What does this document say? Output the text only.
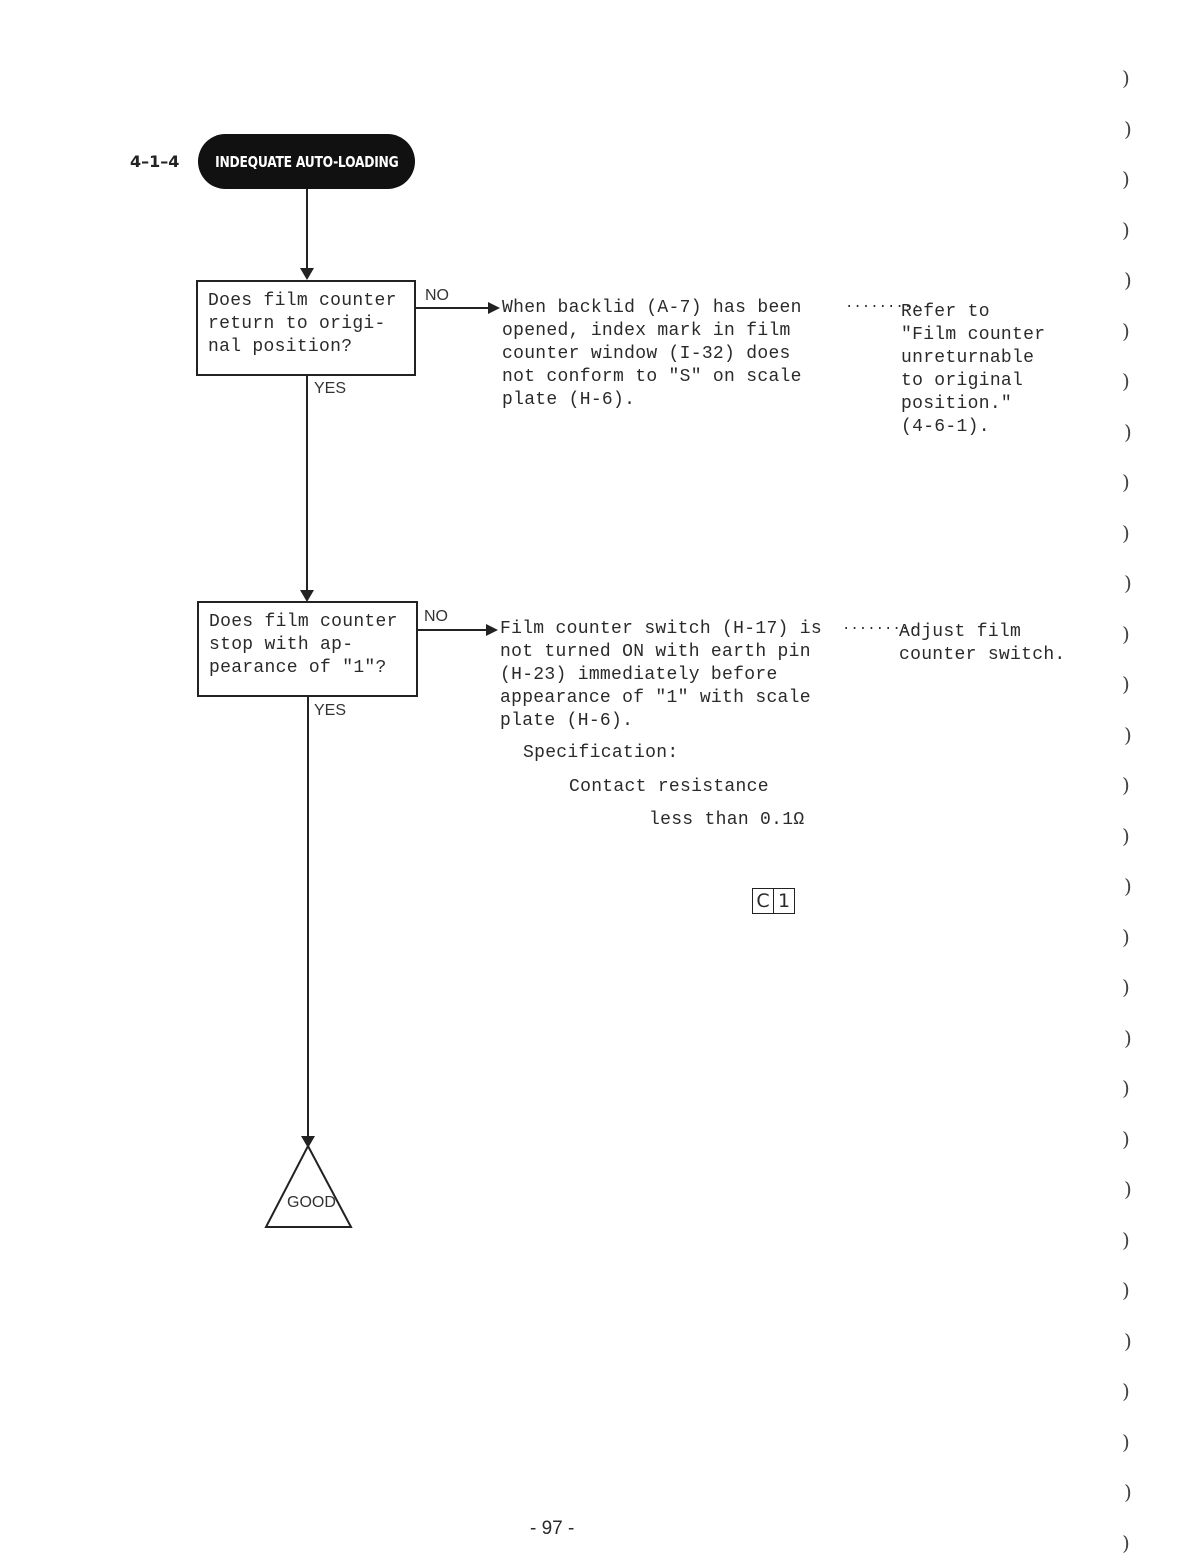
4–1–4 INDEQUATE AUTO-LOADING
Does film counter
return to origi-
nal position?
NO
YES
When backlid (A-7) has been
opened, index mark in film
counter window (I-32) does
not conform to "S" on scale
plate (H-6).
·········
Refer to
"Film counter
unreturnable
to original
position."
(4-6-1).
Does film counter
stop with ap-
pearance of "1"?
NO
YES
Film counter switch (H-17) is
not turned ON with earth pin
(H-23) immediately before
appearance of "1" with scale
plate (H-6).
·········
Adjust film
counter switch.
Specification:
Contact resistance
less than 0.1Ω
C 1
GOOD
)
)
)
)
)
)
)
)
)
)
)
)
)
)
)
)
)
)
)
)
)
)
)
)
)
)
)
)
)
)
- 97 -
